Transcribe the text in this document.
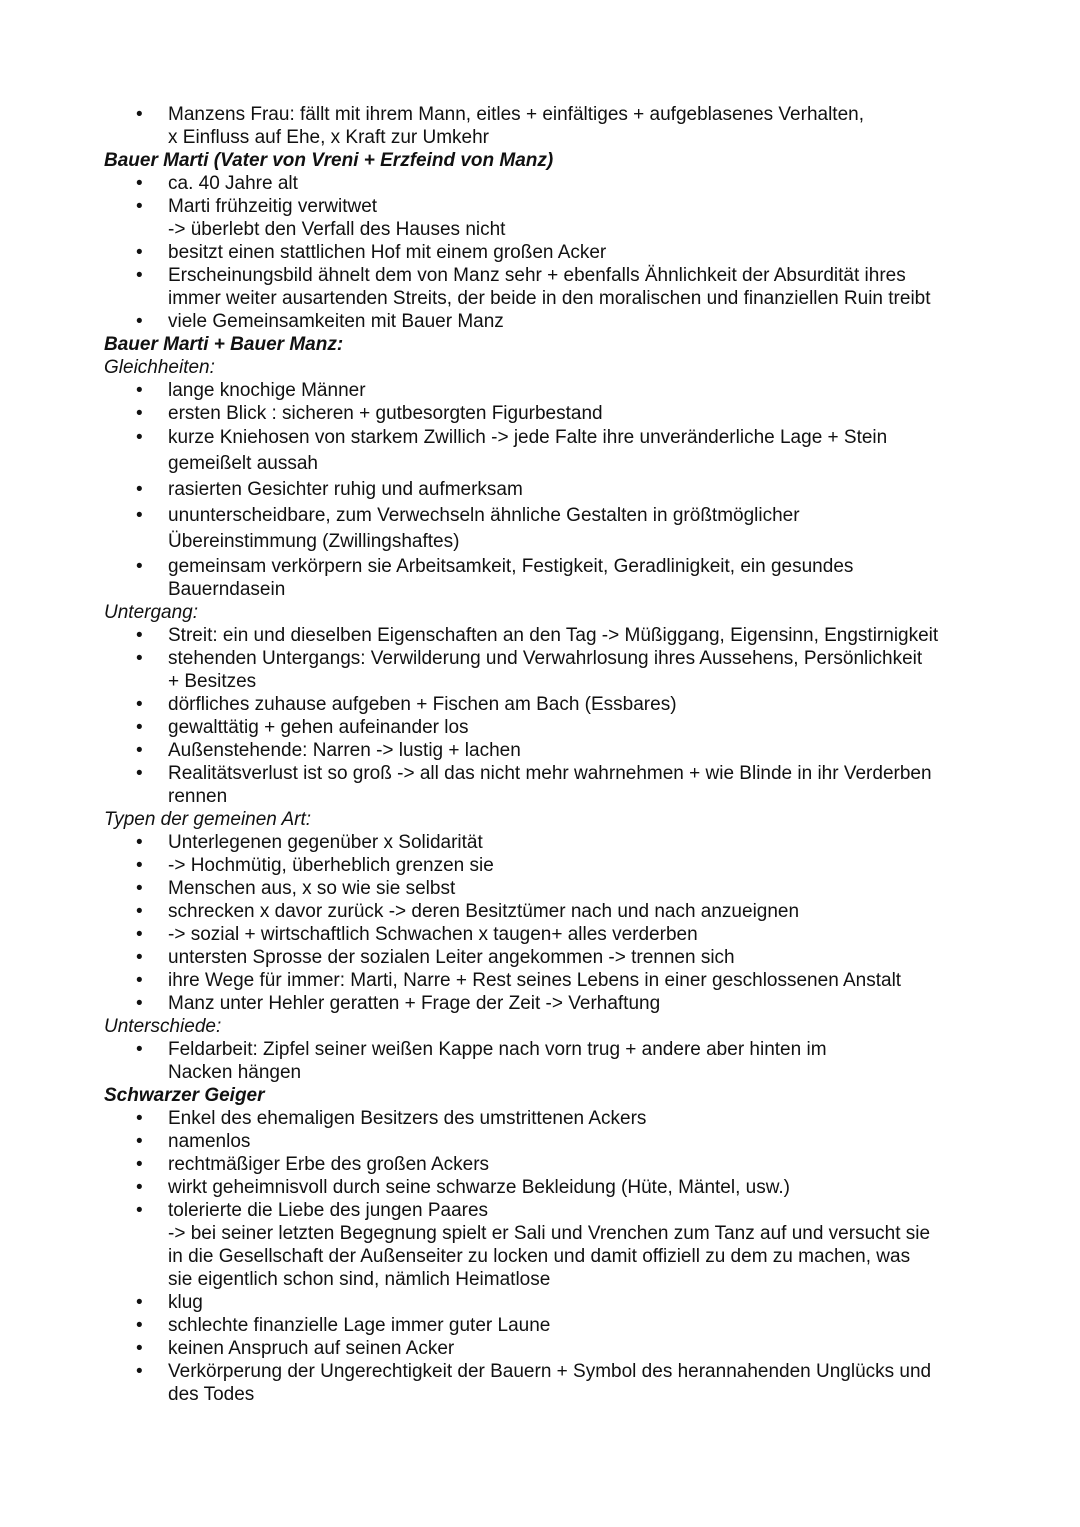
• Manzens Frau: fällt mit ihrem Mann, eitles + einfältiges + aufgeblasenes Verhalten,
x Einfluss auf Ehe, x Kraft zur Umkehr
Bauer Marti (Vater von Vreni + Erzfeind von Manz)
• ca. 40 Jahre alt
• Marti frühzeitig verwitwet
-> überlebt den Verfall des Hauses nicht
• besitzt einen stattlichen Hof mit einem großen Acker
• Erscheinungsbild ähnelt dem von Manz sehr + ebenfalls Ähnlichkeit der Absurdität ihres
immer weiter ausartenden Streits, der beide in den moralischen und finanziellen Ruin treibt
• viele Gemeinsamkeiten mit Bauer Manz
Bauer Marti + Bauer Manz:
Gleichheiten:
• lange knochige Männer
• ersten Blick : sicheren + gutbesorgten Figurbestand
• kurze Kniehosen von starkem Zwillich -> jede Falte ihre unveränderliche Lage + Stein
gemeißelt aussah
• rasierten Gesichter ruhig und aufmerksam
• ununterscheidbare, zum Verwechseln ähnliche Gestalten in größtmöglicher
Übereinstimmung (Zwillingshaftes)
• gemeinsam verkörpern sie Arbeitsamkeit, Festigkeit, Geradlinigkeit, ein gesundes
Bauerndasein
Untergang:
• Streit: ein und dieselben Eigenschaften an den Tag -> Müßiggang, Eigensinn, Engstirnigkeit
• stehenden Untergangs: Verwilderung und Verwahrlosung ihres Aussehens, Persönlichkeit
+ Besitzes
• dörfliches zuhause aufgeben + Fischen am Bach (Essbares)
• gewalttätig + gehen aufeinander los
• Außenstehende: Narren -> lustig + lachen
• Realitätsverlust ist so groß -> all das nicht mehr wahrnehmen + wie Blinde in ihr Verderben
rennen
Typen der gemeinen Art:
• Unterlegenen gegenüber x Solidarität
• -> Hochmütig, überheblich grenzen sie
• Menschen aus, x so wie sie selbst
• schrecken x davor zurück -> deren Besitztümer nach und nach anzueignen
• -> sozial + wirtschaftlich Schwachen x taugen+ alles verderben
• untersten Sprosse der sozialen Leiter angekommen -> trennen sich
• ihre Wege für immer: Marti, Narre + Rest seines Lebens in einer geschlossenen Anstalt
• Manz unter Hehler geratten + Frage der Zeit -> Verhaftung
Unterschiede:
• Feldarbeit: Zipfel seiner weißen Kappe nach vorn trug + andere aber hinten im
Nacken hängen
Schwarzer Geiger
• Enkel des ehemaligen Besitzers des umstrittenen Ackers
• namenlos
• rechtmäßiger Erbe des großen Ackers
• wirkt geheimnisvoll durch seine schwarze Bekleidung (Hüte, Mäntel, usw.)
• tolerierte die Liebe des jungen Paares
-> bei seiner letzten Begegnung spielt er Sali und Vrenchen zum Tanz auf und versucht sie
in die Gesellschaft der Außenseiter zu locken und damit offiziell zu dem zu machen, was
sie eigentlich schon sind, nämlich Heimatlose
• klug
• schlechte finanzielle Lage immer guter Laune
• keinen Anspruch auf seinen Acker
• Verkörperung der Ungerechtigkeit der Bauern + Symbol des herannahenden Unglücks und
des Todes
